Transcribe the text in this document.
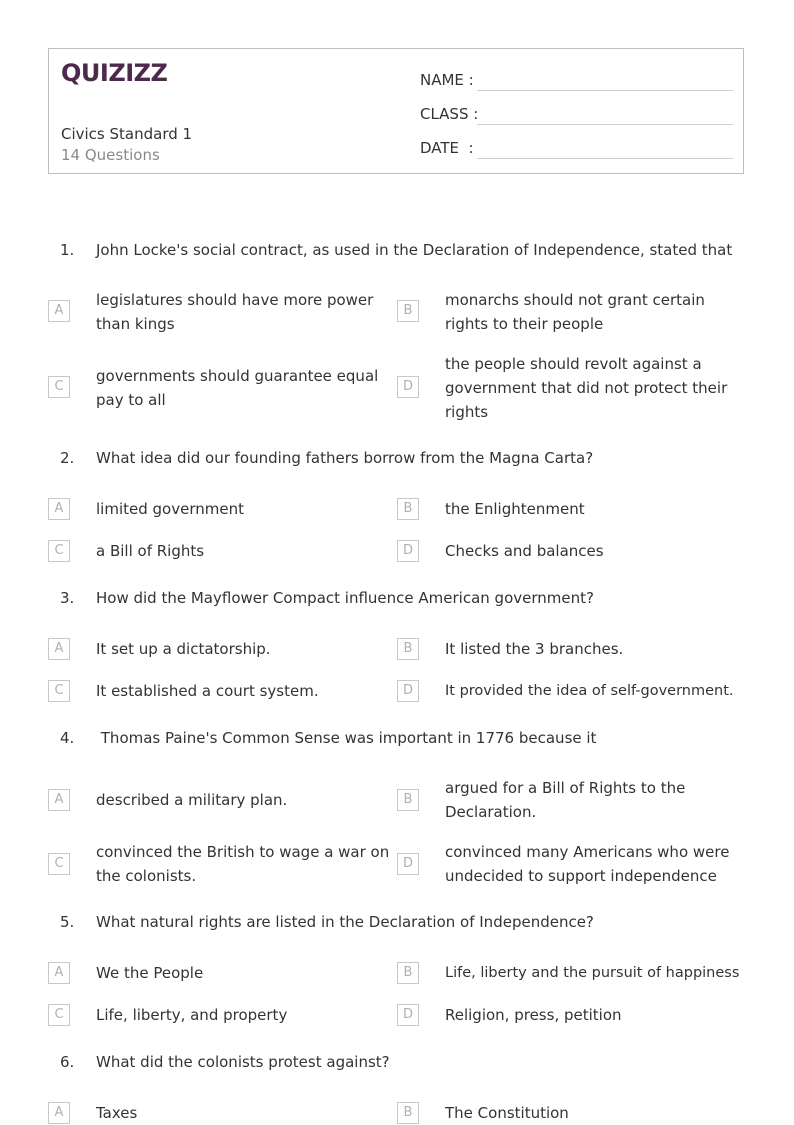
QUIZIZZ
Civics Standard 1
14 Questions
NAME :
CLASS :
DATE  :
1. John Locke's social contract, as used in the Declaration of Independence, stated that
A
legislatures should have more power than kings
B
monarchs should not grant certain rights to their people
C
governments should guarantee equal pay to all
D
the people should revolt against a government that did not protect their rights
2. What idea did our founding fathers borrow from the Magna Carta?
A	limited government	B	the Enlightenment
C	a Bill of Rights	D	Checks and balances
3. How did the Mayflower Compact influence American government?
A	It set up a dictatorship.	B	It listed the 3 branches.
C	It established a court system.	D	It provided the idea of self-government.
4. Thomas Paine's Common Sense was important in 1776 because it
A	described a military plan.	B
argued for a Bill of Rights to the Declaration.
C
convinced the British to wage a war on the colonists.
D
convinced many Americans who were undecided to support independence
5. What natural rights are listed in the Declaration of Independence?
A	We the People	B	Life, liberty and the pursuit of happiness
C	Life, liberty, and property	D	Religion, press, petition
6. What did the colonists protest against?
A	Taxes	B	The Constitution
